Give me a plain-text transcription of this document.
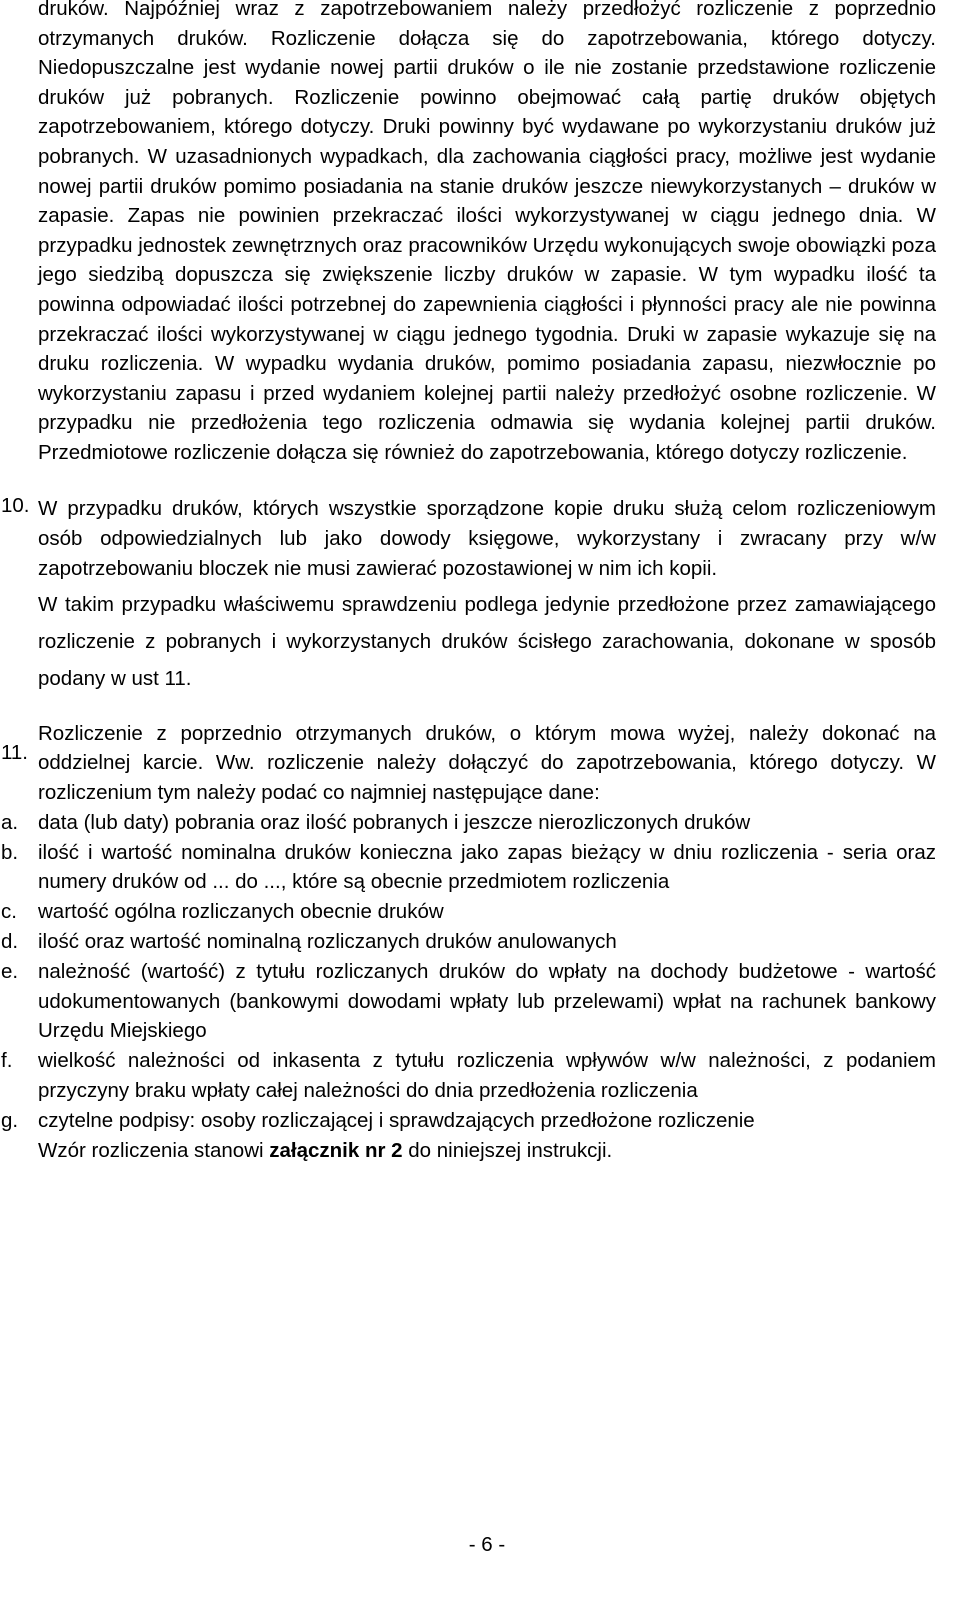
druków. Najpóźniej wraz z zapotrzebowaniem należy przedłożyć rozliczenie z poprzednio otrzymanych druków. Rozliczenie dołącza się do zapotrzebowania, którego dotyczy. Niedopuszczalne jest wydanie nowej partii druków o ile nie zostanie przedstawione rozliczenie druków już pobranych. Rozliczenie powinno obejmować całą partię druków objętych zapotrzebowaniem, którego dotyczy. Druki powinny być wydawane po wykorzystaniu druków już pobranych. W uzasadnionych wypadkach, dla zachowania ciągłości pracy, możliwe jest wydanie nowej partii druków pomimo posiadania na stanie druków jeszcze niewykorzystanych – druków w zapasie. Zapas nie powinien przekraczać ilości wykorzystywanej w ciągu jednego dnia. W przypadku jednostek zewnętrznych oraz pracowników Urzędu wykonujących swoje obowiązki poza jego siedzibą dopuszcza się zwiększenie liczby druków w zapasie. W tym wypadku ilość ta powinna odpowiadać ilości potrzebnej do zapewnienia ciągłości i płynności pracy ale nie powinna przekraczać ilości wykorzystywanej w ciągu jednego tygodnia. Druki w zapasie wykazuje się na druku rozliczenia. W wypadku wydania druków, pomimo posiadania zapasu, niezwłocznie po wykorzystaniu zapasu i przed wydaniem kolejnej partii należy przedłożyć osobne rozliczenie. W przypadku nie przedłożenia tego rozliczenia odmawia się wydania kolejnej partii druków. Przedmiotowe rozliczenie dołącza się również do zapotrzebowania, którego dotyczy rozliczenie.

10. W przypadku druków, których wszystkie sporządzone kopie druku służą celom rozliczeniowym osób odpowiedzialnych lub jako dowody księgowe, wykorzystany i zwracany przy w/w zapotrzebowaniu bloczek nie musi zawierać pozostawionej w nim ich kopii.

W takim przypadku właściwemu sprawdzeniu podlega jedynie przedłożone przez zamawiającego rozliczenie z pobranych i wykorzystanych druków ścisłego zarachowania, dokonane w sposób podany w ust 11.

11.

Rozliczenie z poprzednio otrzymanych druków, o którym mowa wyżej, należy dokonać na oddzielnej karcie. Ww. rozliczenie należy dołączyć do zapotrzebowania, którego dotyczy. W rozliczenium tym należy podać co najmniej następujące dane:

a. data (lub daty) pobrania oraz ilość pobranych i jeszcze nierozliczonych druków
b. ilość i wartość nominalna druków konieczna jako zapas bieżący w dniu rozliczenia - seria oraz numery druków od ... do ..., które są obecnie przedmiotem rozliczenia
c. wartość ogólna rozliczanych obecnie druków
d. ilość oraz wartość nominalną rozliczanych druków anulowanych
e. należność (wartość) z tytułu rozliczanych druków do wpłaty na dochody budżetowe - wartość udokumentowanych (bankowymi dowodami wpłaty lub przelewami) wpłat na rachunek bankowy Urzędu Miejskiego
f. wielkość należności od inkasenta z tytułu rozliczenia wpływów w/w należności, z podaniem przyczyny braku wpłaty całej należności do dnia przedłożenia rozliczenia
g. czytelne podpisy: osoby rozliczającej i sprawdzających przedłożone rozliczenie

Wzór rozliczenia stanowi załącznik nr 2 do niniejszej instrukcji.

- 6 -
